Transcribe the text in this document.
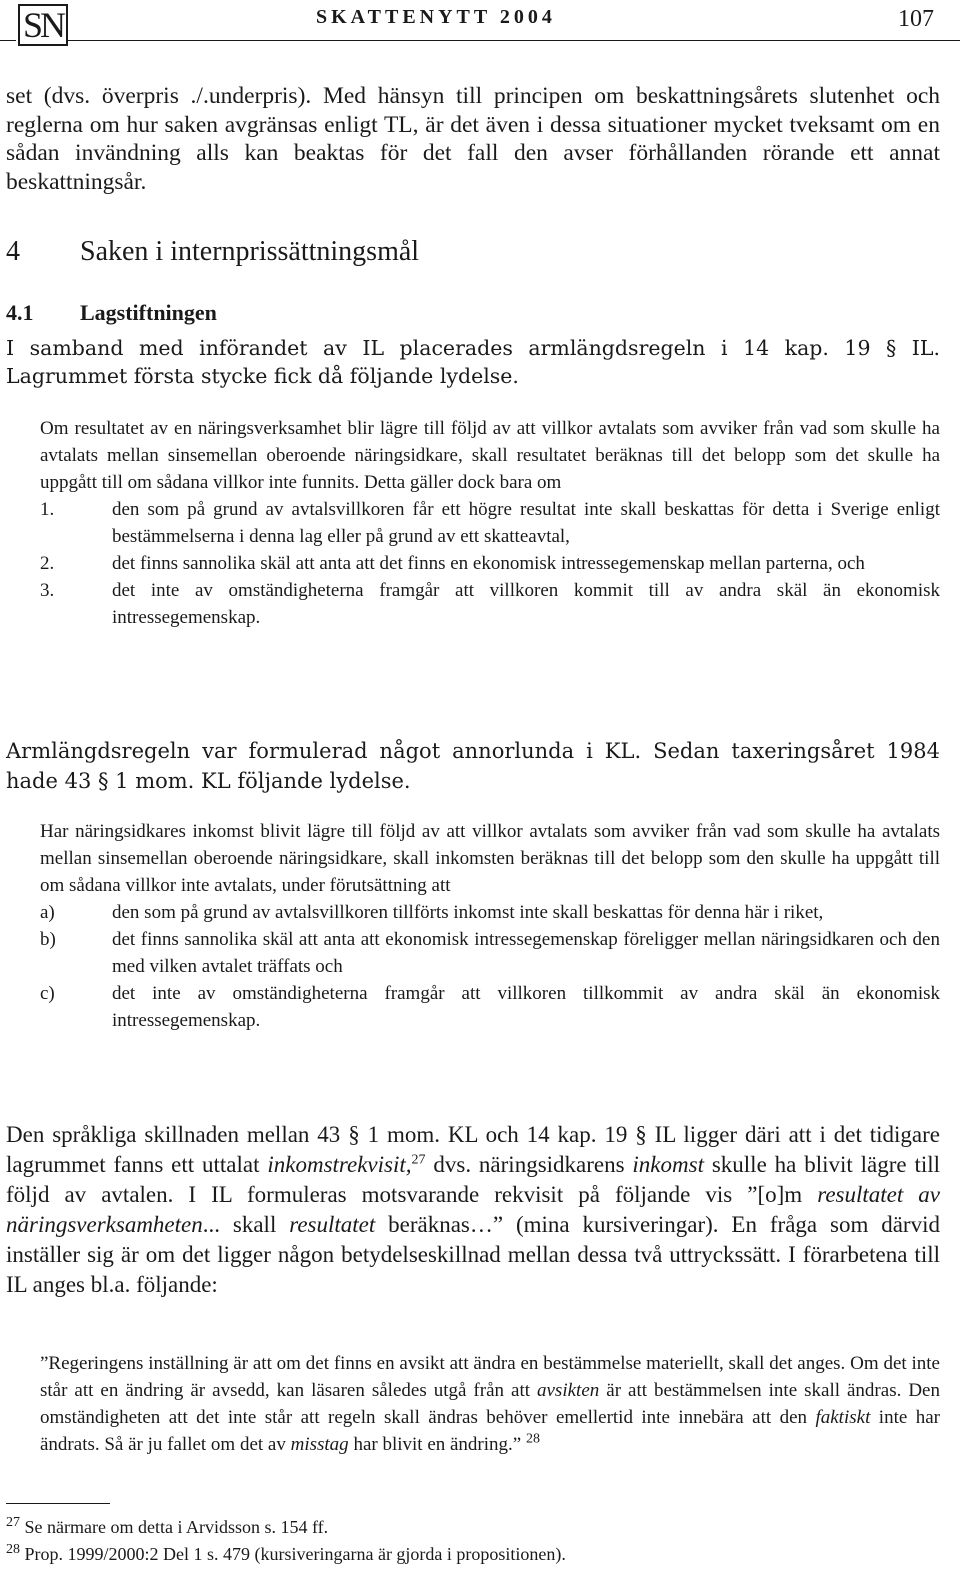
SN	SKATTENYTT 2004	107

set (dvs. överpris ./.underpris). Med hänsyn till principen om beskattningsårets slutenhet och reglerna om hur saken avgränsas enligt TL, är det även i dessa situationer mycket tveksamt om en sådan invändning alls kan beaktas för det fall den avser förhållanden rörande ett annat beskattningsår.

4 Saken i internprissättningsmål
4.1 Lagstiftningen

I samband med införandet av IL placerades armlängdsregeln i 14 kap. 19 § IL. Lagrummet första stycke fick då följande lydelse.

Om resultatet av en näringsverksamhet blir lägre till följd av att villkor avtalats som avviker från vad som skulle ha avtalats mellan sinsemellan oberoende näringsidkare, skall resultatet beräknas till det belopp som det skulle ha uppgått till om sådana villkor inte funnits. Detta gäller dock bara om
1.	den som på grund av avtalsvillkoren får ett högre resultat inte skall beskattas för detta i Sverige enligt bestämmelserna i denna lag eller på grund av ett skatteavtal,
2.	det finns sannolika skäl att anta att det finns en ekonomisk intressegemenskap mellan parterna, och
3.	det inte av omständigheterna framgår att villkoren kommit till av andra skäl än ekonomisk intressegemenskap.

Armlängdsregeln var formulerad något annorlunda i KL. Sedan taxeringsåret 1984 hade 43 § 1 mom. KL följande lydelse.

Har näringsidkares inkomst blivit lägre till följd av att villkor avtalats som avviker från vad som skulle ha avtalats mellan sinsemellan oberoende näringsidkare, skall inkomsten beräknas till det belopp som den skulle ha uppgått till om sådana villkor inte avtalats, under förutsättning att
a)	den som på grund av avtalsvillkoren tillförts inkomst inte skall beskattas för denna här i riket,
b)	det finns sannolika skäl att anta att ekonomisk intressegemenskap föreligger mellan näringsidkaren och den med vilken avtalet träffats och
c)	det inte av omständigheterna framgår att villkoren tillkommit av andra skäl än ekonomisk intressegemenskap.

Den språkliga skillnaden mellan 43 § 1 mom. KL och 14 kap. 19 § IL ligger däri att i det tidigare lagrummet fanns ett uttalat inkomstrekvisit,$^{27}$ dvs. näringsidkarens inkomst skulle ha blivit lägre till följd av avtalen. I IL formuleras motsvarande rekvisit på följande vis ”[o]m resultatet av näringsverksamheten... skall resultatet beräknas…” (mina kursiveringar). En fråga som därvid inställer sig är om det ligger någon betydelseskillnad mellan dessa två uttryckssätt. I förarbetena till IL anges bl.a. följande:

”Regeringens inställning är att om det finns en avsikt att ändra en bestämmelse materiellt, skall det anges. Om det inte står att en ändring är avsedd, kan läsaren således utgå från att avsikten är att bestämmelsen inte skall ändras. Den omständigheten att det inte står att regeln skall ändras behöver emellertid inte innebära att den faktiskt inte har ändrats. Så är ju fallet om det av misstag har blivit en ändring.” $^{28}$

$^{27}$ Se närmare om detta i Arvidsson s. 154 ff.
$^{28}$ Prop. 1999/2000:2 Del 1 s. 479 (kursiveringarna är gjorda i propositionen).
